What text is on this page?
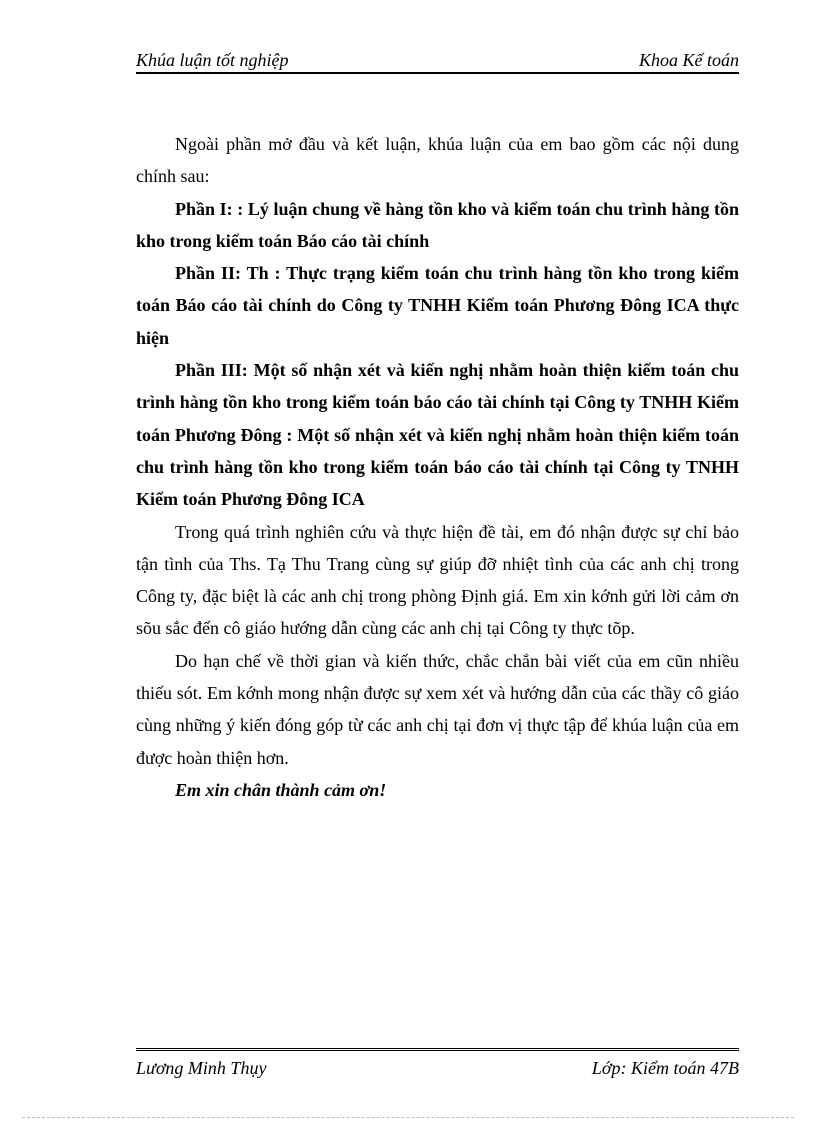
Khúa luận tốt nghiệp	Khoa Kế toán

Ngoài phần mở đầu và kết luận, khúa luận của em bao gồm các nội dung chính sau:

Phần I: : Lý luận chung về hàng tồn kho và kiểm toán chu trình hàng tồn kho trong kiểm toán Báo cáo tài chính

Phần II: Th : Thực trạng kiểm toán chu trình hàng tồn kho trong kiểm toán Báo cáo tài chính do Công ty TNHH Kiểm toán Phương Đông ICA thực hiện

Phần III: Một số nhận xét và kiến nghị nhằm hoàn thiện kiểm toán chu trình hàng tồn kho trong kiểm toán báo cáo tài chính tại Công ty TNHH Kiểm toán Phương Đông : Một số nhận xét và kiến nghị nhằm hoàn thiện kiểm toán chu trình hàng tồn kho trong kiểm toán báo cáo tài chính tại Công ty TNHH Kiểm toán Phương Đông ICA

Trong quá trình nghiên cứu và thực hiện đề tài, em đó nhận được sự chỉ bảo tận tình của Ths. Tạ Thu Trang cùng sự giúp đỡ nhiệt tình của các anh chị trong Công ty, đặc biệt là các anh chị trong phòng Định giá. Em xin kớnh gửi lời cảm ơn sõu sắc đến cô giáo hướng dẫn cùng các anh chị tại Công ty thực tõp.

Do hạn chế về thời gian và kiến thức, chắc chắn bài viết của em cũn nhiều thiếu sót. Em kớnh mong nhận được sự xem xét và hướng dẫn của các thầy cô giáo cùng những ý kiến đóng góp từ các anh chị tại đơn vị thực tập để khúa luận của em được hoàn thiện hơn.

Em xin chân thành cảm ơn!

Lương Minh Thụy	Lớp: Kiểm toán 47B
